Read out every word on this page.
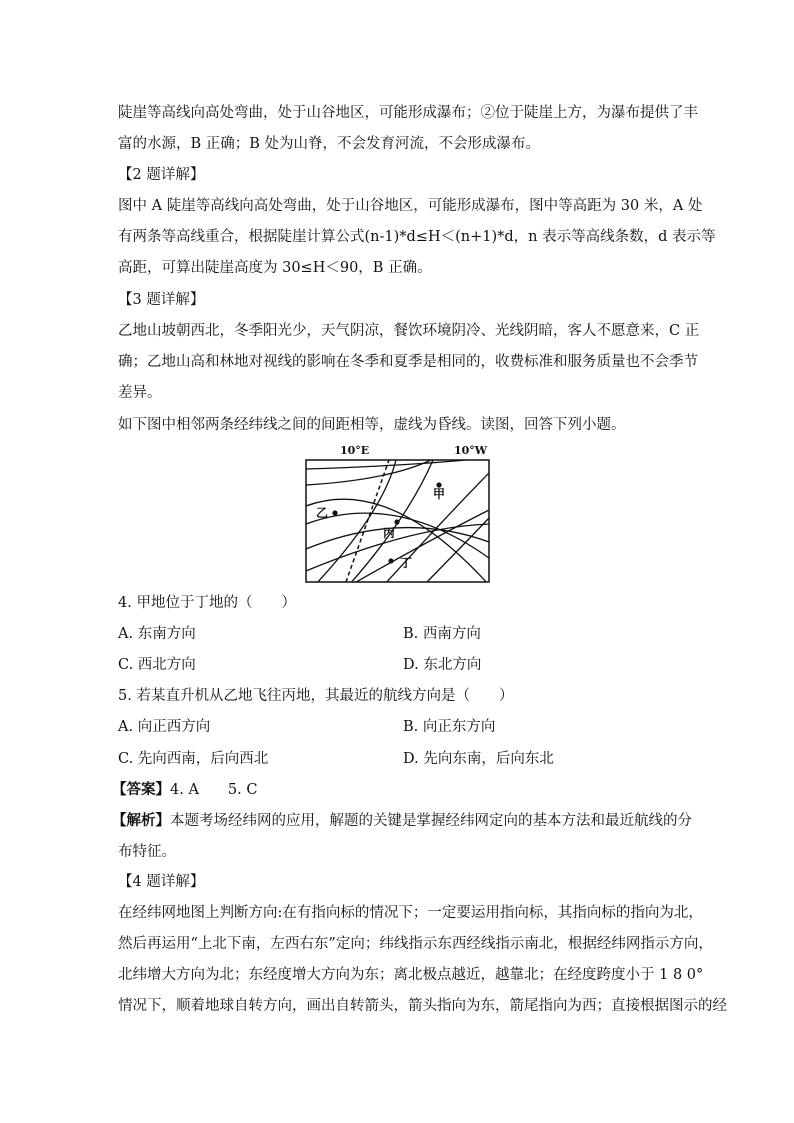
陡崖等高线向高处弯曲，处于山谷地区，可能形成瀑布；②位于陡崖上方，为瀑布提供了丰
富的水源，B 正确；B 处为山脊，不会发育河流，不会形成瀑布。

【2 题详解】

图中 A 陡崖等高线向高处弯曲，处于山谷地区，可能形成瀑布，图中等高距为 30 米，A 处
有两条等高线重合，根据陡崖计算公式(n-1)*d≤H＜(n+1)*d，n 表示等高线条数，d 表示等
高距，可算出陡崖高度为 30≤H＜90，B 正确。

【3 题详解】

乙地山坡朝西北，冬季阳光少，天气阴凉，餐饮环境阴冷、光线阴暗，客人不愿意来，C 正
确；乙地山高和林地对视线的影响在冬季和夏季是相同的，收费标准和服务质量也不会季节
差异。

如下图中相邻两条经纬线之间的间距相等，虚线为昏线。读图，回答下列小题。

10°E	10°W
甲
乙
丙
丁
4. 甲地位于丁地的（　　）
A. 东南方向	B. 西南方向
C. 西北方向	D. 东北方向
5. 若某直升机从乙地飞往丙地，其最近的航线方向是（　　）
A. 向正西方向	B. 向正东方向
C. 先向西南，后向西北	D. 先向东南，后向东北
【答案】4. A　　5. C

【解析】本题考场经纬网的应用，解题的关键是掌握经纬网定向的基本方法和最近航线的分
布特征。

【4 题详解】

在经纬网地图上判断方向:在有指向标的情况下；一定要运用指向标，其指向标的指向为北，
然后再运用“上北下南，左西右东”定向；纬线指示东西经线指示南北，根据经纬网指示方向，
北纬增大方向为北；东经度增大方向为东；离北极点越近，越靠北；在经度跨度小于 1 8 0°
情况下，顺着地球自转方向，画出自转箭头，箭头指向为东，箭尾指向为西；直接根据图示的经
